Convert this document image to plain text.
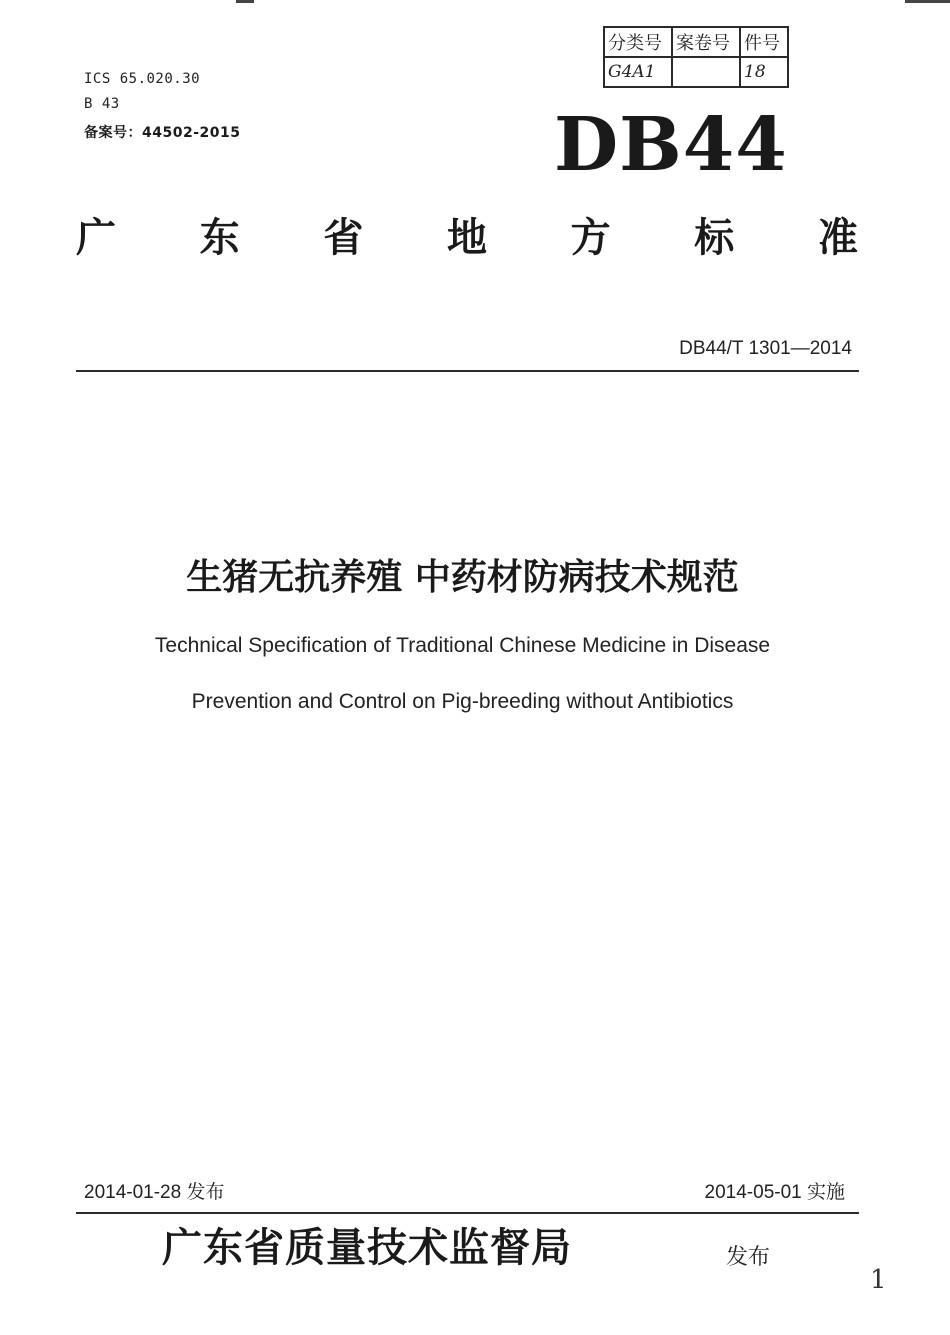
ICS 65.020.30
B 43
备案号：44502-2015
分类号	案卷号	件号
G4A1		18
DB44
广 东 省 地 方 标 准
DB44/T 1301—2014
生猪无抗养殖 中药材防病技术规范
Technical Specification of Traditional Chinese Medicine in Disease
Prevention and Control on Pig-breeding without Antibiotics
2014-01-28 发布	2014-05-01 实施
广东省质量技术监督局	发布
1
